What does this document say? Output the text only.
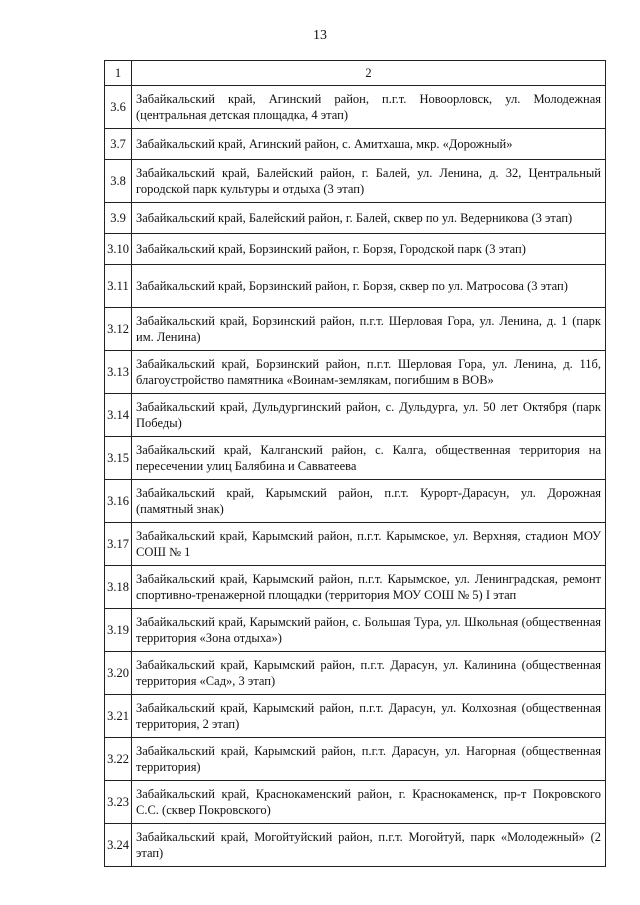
13
1	2
3.6	Забайкальский край, Агинский район, п.г.т. Новоорловск, ул. Молодежная (центральная детская площадка, 4 этап)
3.7	Забайкальский край, Агинский район, с. Амитхаша, мкр. «Дорожный»
3.8	Забайкальский край, Балейский район, г. Балей, ул. Ленина, д. 32, Центральный городской парк культуры и отдыха (3 этап)
3.9	Забайкальский край, Балейский район, г. Балей, сквер по ул. Ведерникова (3 этап)
3.10	Забайкальский край, Борзинский район, г. Борзя, Городской парк (3 этап)
3.11	Забайкальский край, Борзинский район, г. Борзя, сквер по ул. Матросова (3 этап)
3.12	Забайкальский край, Борзинский район, п.г.т. Шерловая Гора, ул. Ленина, д. 1 (парк им. Ленина)
3.13	Забайкальский край, Борзинский район, п.г.т. Шерловая Гора, ул. Ленина, д. 11б, благоустройство памятника «Воинам-землякам, погибшим в ВОВ»
3.14	Забайкальский край, Дульдургинский район, с. Дульдурга, ул. 50 лет Октября (парк Победы)
3.15	Забайкальский край, Калганский район, с. Калга, общественная территория на пересечении улиц Балябина и Савватеева
3.16	Забайкальский край, Карымский район, п.г.т. Курорт-Дарасун, ул. Дорожная (памятный знак)
3.17	Забайкальский край, Карымский район, п.г.т. Карымское, ул. Верхняя, стадион МОУ СОШ № 1
3.18	Забайкальский край, Карымский район, п.г.т. Карымское, ул. Ленинградская, ремонт спортивно-тренажерной площадки (территория МОУ СОШ № 5) I этап
3.19	Забайкальский край, Карымский район, с. Большая Тура, ул. Школьная (общественная территория «Зона отдыха»)
3.20	Забайкальский край, Карымский район, п.г.т. Дарасун, ул. Калинина (общественная территория «Сад», 3 этап)
3.21	Забайкальский край, Карымский район, п.г.т. Дарасун, ул. Колхозная (общественная территория, 2 этап)
3.22	Забайкальский край, Карымский район, п.г.т. Дарасун, ул. Нагорная (общественная территория)
3.23	Забайкальский край, Краснокаменский район, г. Краснокаменск, пр-т Покровского С.С. (сквер Покровского)
3.24	Забайкальский край, Могойтуйский район, п.г.т. Могойтуй, парк «Молодежный» (2 этап)
